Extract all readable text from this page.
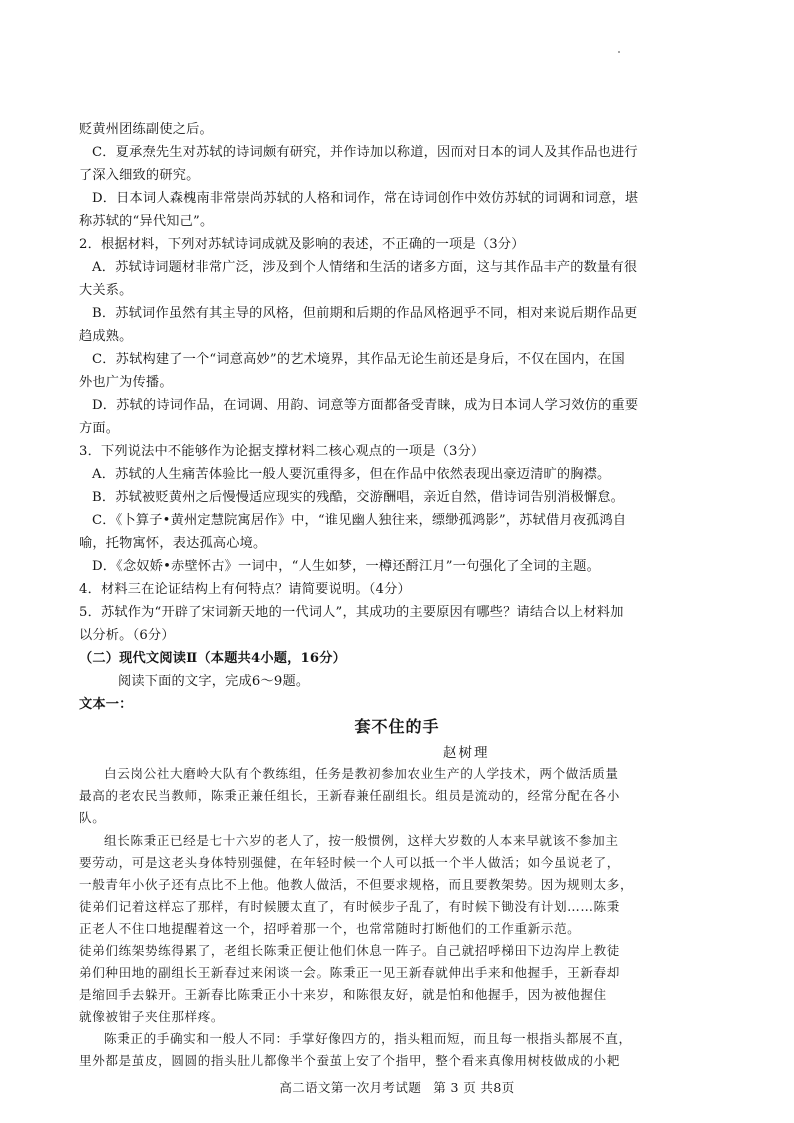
贬黄州团练副使之后。
C．夏承焘先生对苏轼的诗词颇有研究，并作诗加以称道，因而对日本的词人及其作品也进行
了深入细致的研究。
D．日本词人森槐南非常崇尚苏轼的人格和词作，常在诗词创作中效仿苏轼的词调和词意，堪
称苏轼的“异代知己”。
2．根据材料，下列对苏轼诗词成就及影响的表述，不正确的一项是（3分）
A．苏轼诗词题材非常广泛，涉及到个人情绪和生活的诸多方面，这与其作品丰产的数量有很
大关系。
B．苏轼词作虽然有其主导的风格，但前期和后期的作品风格迥乎不同，相对来说后期作品更
趋成熟。
C．苏轼构建了一个“词意高妙”的艺术境界，其作品无论生前还是身后，不仅在国内，在国
外也广为传播。
D．苏轼的诗词作品，在词调、用韵、词意等方面都备受青睐，成为日本词人学习效仿的重要
方面。
3．下列说法中不能够作为论据支撑材料二核心观点的一项是（3分）
A．苏轼的人生痛苦体验比一般人要沉重得多，但在作品中依然表现出豪迈清旷的胸襟。
B．苏轼被贬黄州之后慢慢适应现实的残酷，交游酬唱，亲近自然，借诗词告别消极懈怠。
C．《卜算子•黄州定慧院寓居作》中，“谁见幽人独往来，缥缈孤鸿影”，苏轼借月夜孤鸿自
喻，托物寓怀，表达孤高心境。
D．《念奴娇•赤壁怀古》一词中，“人生如梦，一樽还酹江月”一句强化了全词的主题。
4．材料三在论证结构上有何特点？请简要说明。（4分）
5．苏轼作为“开辟了宋词新天地的一代词人”，其成功的主要原因有哪些？请结合以上材料加
以分析。（6分）
（二）现代文阅读Ⅱ（本题共4小题，16分）
阅读下面的文字，完成6～9题。
文本一：
套不住的手
赵树理
白云岗公社大磨岭大队有个教练组，任务是教初参加农业生产的人学技术，两个做活质量
最高的老农民当教师，陈秉正兼任组长，王新春兼任副组长。组员是流动的，经常分配在各小
队。
组长陈秉正已经是七十六岁的老人了，按一般惯例，这样大岁数的人本来早就该不参加主
要劳动，可是这老头身体特别强健，在年轻时候一个人可以抵一个半人做活；如今虽说老了，
一般青年小伙子还有点比不上他。他教人做活，不但要求规格，而且要教架势。因为规则太多，
徒弟们记着这样忘了那样，有时候腰太直了，有时候步子乱了，有时候下锄没有计划……陈秉
正老人不住口地提醒着这一个，招呼着那一个，也常常随时打断他们的工作重新示范。
徒弟们练架势练得累了，老组长陈秉正便让他们休息一阵子。自己就招呼梯田下边沟岸上教徒
弟们种田地的副组长王新春过来闲谈一会。陈秉正一见王新春就伸出手来和他握手，王新春却
是缩回手去躲开。王新春比陈秉正小十来岁，和陈很友好，就是怕和他握手，因为被他握住
就像被钳子夹住那样疼。
陈秉正的手确实和一般人不同：手掌好像四方的，指头粗而短，而且每一根指头都展不直，
里外都是茧皮，圆圆的指头肚儿都像半个蚕茧上安了个指甲，整个看来真像用树枝做成的小耙
高二语文第一次月考试题 第 3 页 共8页
